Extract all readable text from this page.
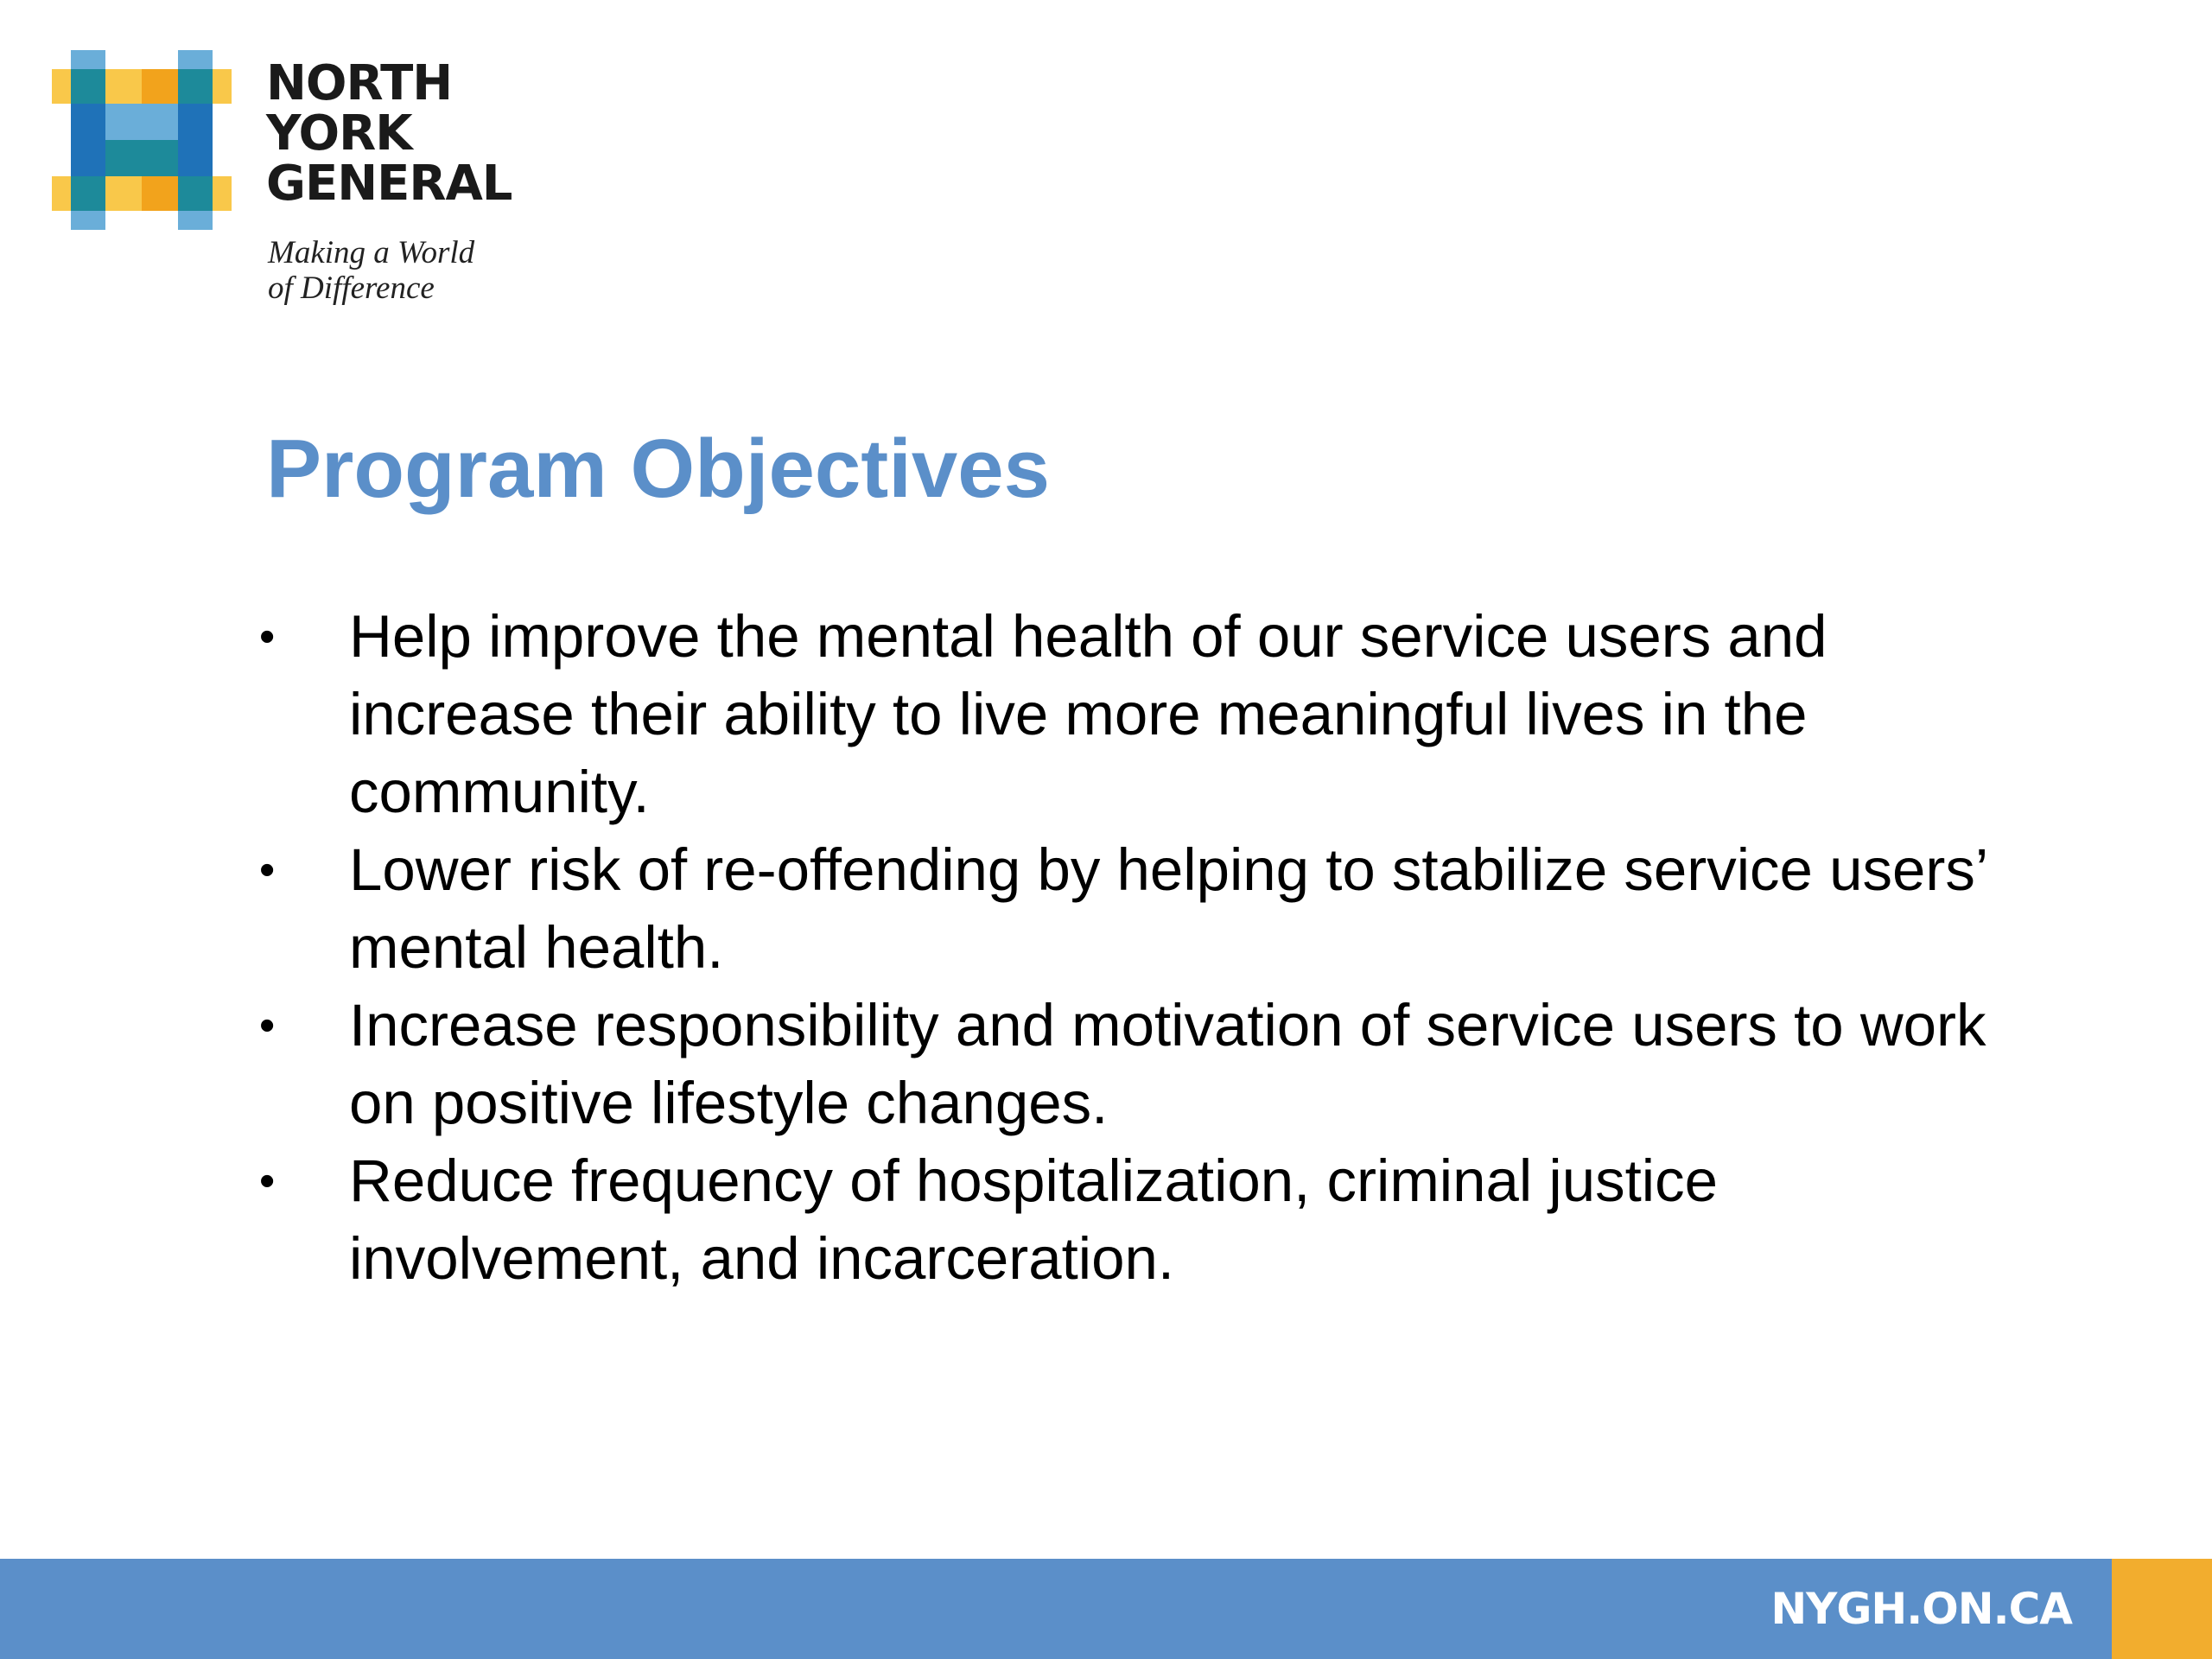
NORTH
YORK
GENERAL
Making a World
of Difference
Program Objectives
•	Help improve the mental health of our service users and increase their ability to live more meaningful lives in the community.
•	Lower risk of re-offending by helping to stabilize service users’ mental health.
•	Increase responsibility and motivation of service users to work on positive lifestyle changes.
•	Reduce frequency of hospitalization, criminal justice involvement, and incarceration.
NYGH.ON.CA
